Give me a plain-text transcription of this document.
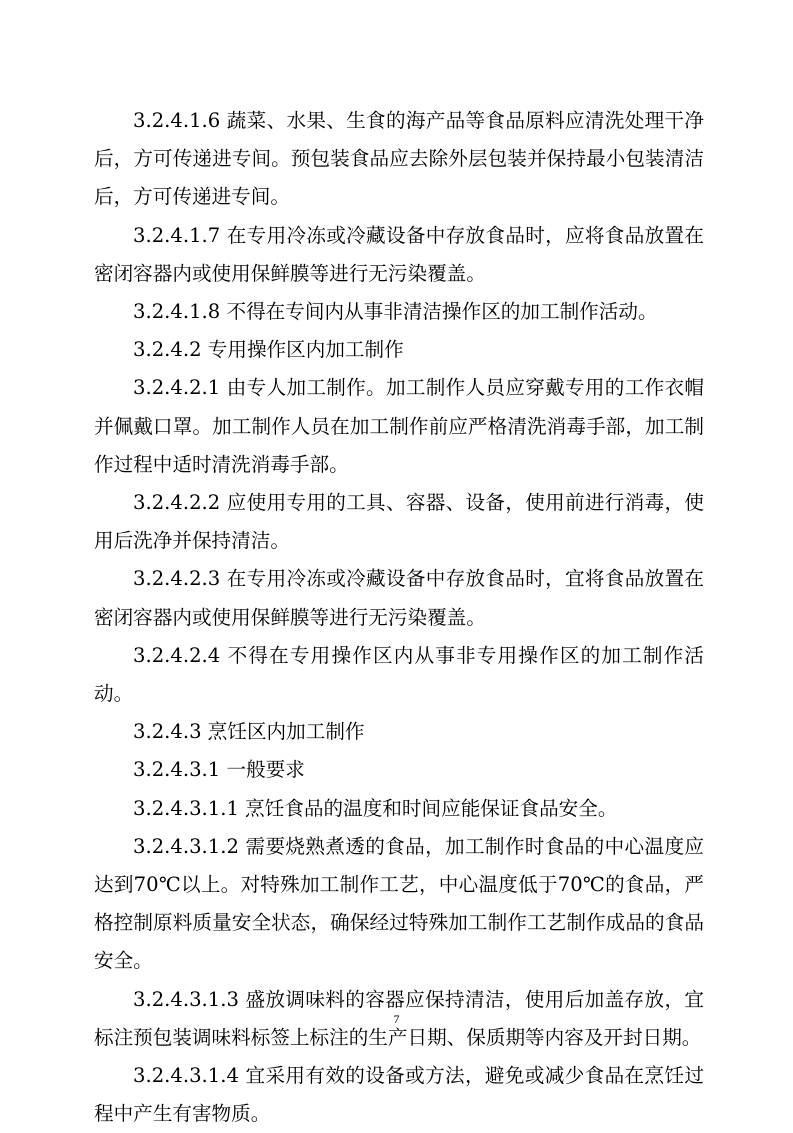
3.2.4.1.6 蔬菜、水果、生食的海产品等食品原料应清洗处理干净后，方可传递进专间。预包装食品应去除外层包装并保持最小包装清洁后，方可传递进专间。

3.2.4.1.7 在专用冷冻或冷藏设备中存放食品时，应将食品放置在密闭容器内或使用保鲜膜等进行无污染覆盖。

3.2.4.1.8 不得在专间内从事非清洁操作区的加工制作活动。

3.2.4.2 专用操作区内加工制作

3.2.4.2.1 由专人加工制作。加工制作人员应穿戴专用的工作衣帽并佩戴口罩。加工制作人员在加工制作前应严格清洗消毒手部，加工制作过程中适时清洗消毒手部。

3.2.4.2.2 应使用专用的工具、容器、设备，使用前进行消毒，使用后洗净并保持清洁。

3.2.4.2.3 在专用冷冻或冷藏设备中存放食品时，宜将食品放置在密闭容器内或使用保鲜膜等进行无污染覆盖。

3.2.4.2.4 不得在专用操作区内从事非专用操作区的加工制作活动。

3.2.4.3 烹饪区内加工制作

3.2.4.3.1 一般要求

3.2.4.3.1.1 烹饪食品的温度和时间应能保证食品安全。

3.2.4.3.1.2 需要烧熟煮透的食品，加工制作时食品的中心温度应达到70℃以上。对特殊加工制作工艺，中心温度低于70℃的食品，严格控制原料质量安全状态，确保经过特殊加工制作工艺制作成品的食品安全。

3.2.4.3.1.3 盛放调味料的容器应保持清洁，使用后加盖存放，宜标注预包装调味料标签上标注的生产日期、保质期等内容及开封日期。

3.2.4.3.1.4 宜采用有效的设备或方法，避免或减少食品在烹饪过程中产生有害物质。

7
